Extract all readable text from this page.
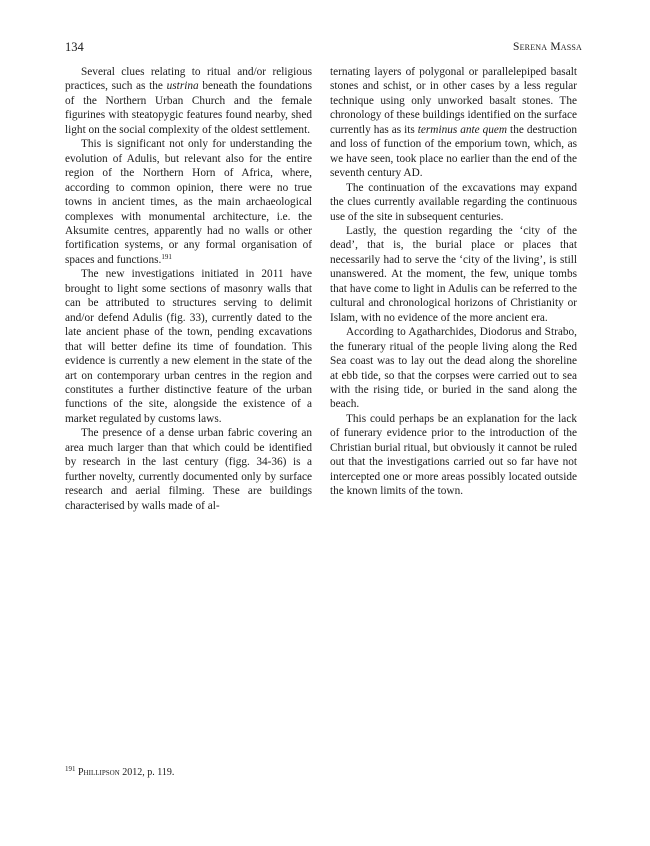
134	Serena Massa

Several clues relating to ritual and/or religious practices, such as the ustrina beneath the foundations of the Northern Urban Church and the female figurines with steatopygic features found nearby, shed light on the social complexity of the oldest settlement.

This is significant not only for understanding the evolution of Adulis, but relevant also for the entire region of the Northern Horn of Africa, where, according to common opinion, there were no true towns in ancient times, as the main archaeological complexes with monumental architecture, i.e. the Aksumite centres, apparently had no walls or other fortification systems, or any formal organisation of spaces and functions.$^{191}$

The new investigations initiated in 2011 have brought to light some sections of masonry walls that can be attributed to structures serving to delimit and/or defend Adulis (fig. 33), currently dated to the late ancient phase of the town, pending excavations that will better define its time of foundation. This evidence is currently a new element in the state of the art on contemporary urban centres in the region and constitutes a further distinctive feature of the urban functions of the site, alongside the existence of a market regulated by customs laws.

The presence of a dense urban fabric covering an area much larger than that which could be identified by research in the last century (figg. 34-36) is a further novelty, currently documented only by surface research and aerial filming. These are buildings characterised by walls made of al-

ternating layers of polygonal or parallelepiped basalt stones and schist, or in other cases by a less regular technique using only unworked basalt stones. The chronology of these buildings identified on the surface currently has as its terminus ante quem the destruction and loss of function of the emporium town, which, as we have seen, took place no earlier than the end of the seventh century AD.

The continuation of the excavations may expand the clues currently available regarding the continuous use of the site in subsequent centuries.

Lastly, the question regarding the ‘city of the dead’, that is, the burial place or places that necessarily had to serve the ‘city of the living’, is still unanswered. At the moment, the few, unique tombs that have come to light in Adulis can be referred to the cultural and chronological horizons of Christianity or Islam, with no evidence of the more ancient era.

According to Agatharchides, Diodorus and Strabo, the funerary ritual of the people living along the Red Sea coast was to lay out the dead along the shoreline at ebb tide, so that the corpses were carried out to sea with the rising tide, or buried in the sand along the beach.

This could perhaps be an explanation for the lack of funerary evidence prior to the introduction of the Christian burial ritual, but obviously it cannot be ruled out that the investigations carried out so far have not intercepted one or more areas possibly located outside the known limits of the town.

$^{191}$ Phillipson 2012, p. 119.
